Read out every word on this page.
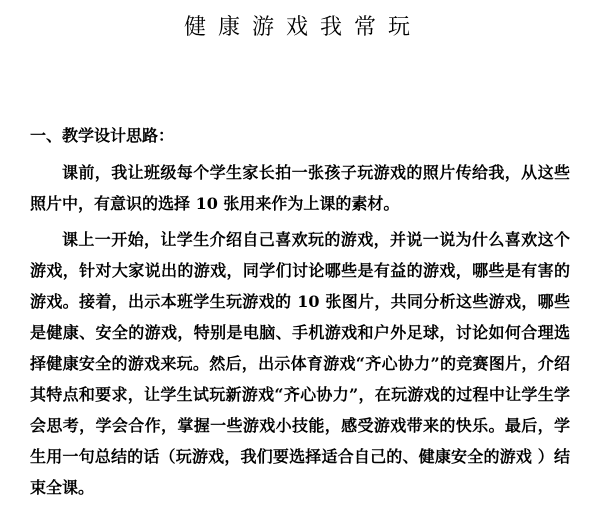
健康游戏我常玩
一、教学设计思路：
课前，我让班级每个学生家长拍一张孩子玩游戏的照片传给我，从这些照片中，有意识的选择 10 张用来作为上课的素材。
课上一开始，让学生介绍自己喜欢玩的游戏，并说一说为什么喜欢这个游戏，针对大家说出的游戏，同学们讨论哪些是有益的游戏，哪些是有害的游戏。接着，出示本班学生玩游戏的 10 张图片，共同分析这些游戏，哪些是健康、安全的游戏，特别是电脑、手机游戏和户外足球，讨论如何合理选择健康安全的游戏来玩。然后，出示体育游戏“齐心协力”的竞赛图片，介绍其特点和要求，让学生试玩新游戏“齐心协力”，在玩游戏的过程中让学生学会思考，学会合作，掌握一些游戏小技能，感受游戏带来的快乐。最后，学生用一句总结的话（玩游戏，我们要选择适合自己的、健康安全的游戏 ）结束全课。
